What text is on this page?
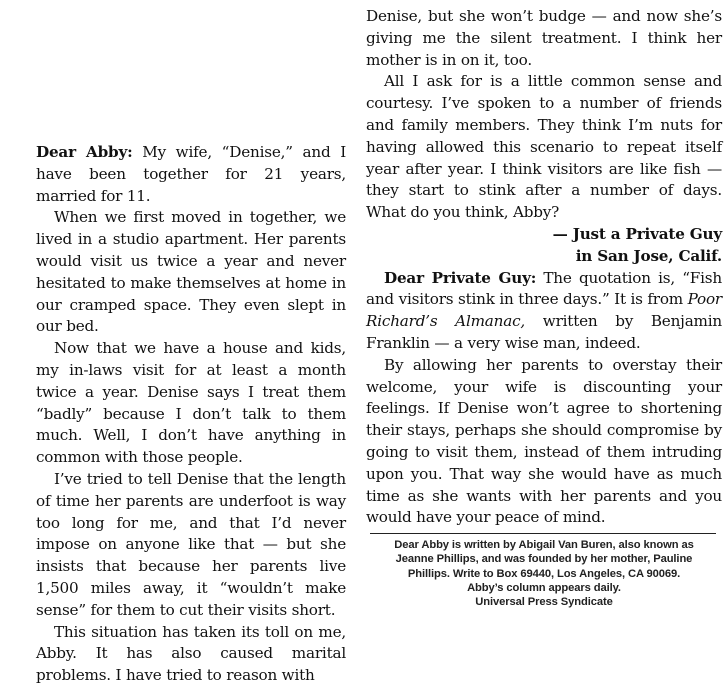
Dear Abby: My wife, “Denise,” and I have been together for 21 years, married for 11.

When we first moved in together, we lived in a studio apartment. Her parents would visit us twice a year and never hesitated to make themselves at home in our cramped space. They even slept in our bed.

Now that we have a house and kids, my in-laws visit for at least a month twice a year. Denise says I treat them “badly” because I don’t talk to them much. Well, I don’t have anything in common with those people.

I’ve tried to tell Denise that the length of time her parents are underfoot is way too long for me, and that I’d never impose on anyone like that — but she insists that because her parents live 1,500 miles away, it “wouldn’t make sense” for them to cut their visits short.

This situation has taken its toll on me, Abby. It has also caused marital problems. I have tried to reason with

Denise, but she won’t budge — and now she’s giving me the silent treatment. I think her mother is in on it, too.

All I ask for is a little common sense and courtesy. I’ve spoken to a number of friends and family members. They think I’m nuts for having allowed this scenario to repeat itself year after year. I think visitors are like fish — they start to stink after a number of days. What do you think, Abby?

— Just a Private Guy
in San Jose, Calif.

Dear Private Guy: The quotation is, “Fish and visitors stink in three days.” It is from Poor Richard’s Almanac, written by Benjamin Franklin — a very wise man, indeed.

By allowing her parents to overstay their welcome, your wife is discounting your feelings. If Denise won’t agree to shortening their stays, perhaps she should compromise by going to visit them, instead of them intruding upon you. That way she would have as much time as she wants with her parents and you would have your peace of mind.

Dear Abby is written by Abigail Van Buren, also known as
Jeanne Phillips, and was founded by her mother, Pauline
Phillips. Write to Box 69440, Los Angeles, CA 90069.
Abby’s column appears daily.
Universal Press Syndicate
